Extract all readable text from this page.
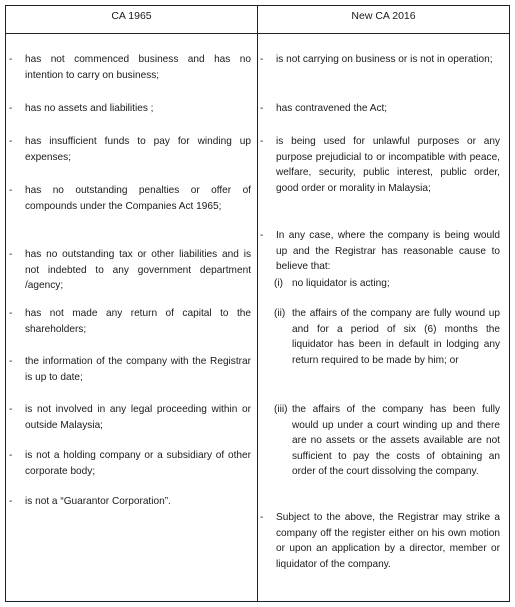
CA 1965	New CA 2016
- has not commenced business and has no intention to carry on business;
- has no assets and liabilities ;
- has insufficient funds to pay for winding up expenses;
- has no outstanding penalties or offer of compounds under the Companies Act 1965;
- has no outstanding tax or other liabilities and is not indebted to any government department /agency;
- has not made any return of capital to the shareholders;
- the information of the company with the Registrar is up to date;
- is not involved in any legal proceeding within or outside Malaysia;
- is not a holding company or a subsidiary of other corporate body;
- is not a “Guarantor Corporation”.
- is not carrying on business or is not in operation;
- has contravened the Act;
- is being used for unlawful purposes or any purpose prejudicial to or incompatible with peace, welfare, security, public interest, public order, good order or morality in Malaysia;
- In any case, where the company is being would up and the Registrar has reasonable cause to believe that:
(i) no liquidator is acting;
(ii) the affairs of the company are fully wound up and for a period of six (6) months the liquidator has been in default in lodging any return required to be made by him; or
(iii) the affairs of the company has been fully would up under a court winding up and there are no assets or the assets available are not sufficient to pay the costs of obtaining an order of the court dissolving the company.
- Subject to the above, the Registrar may strike a company off the register either on his own motion or upon an application by a director, member or liquidator of the company.
